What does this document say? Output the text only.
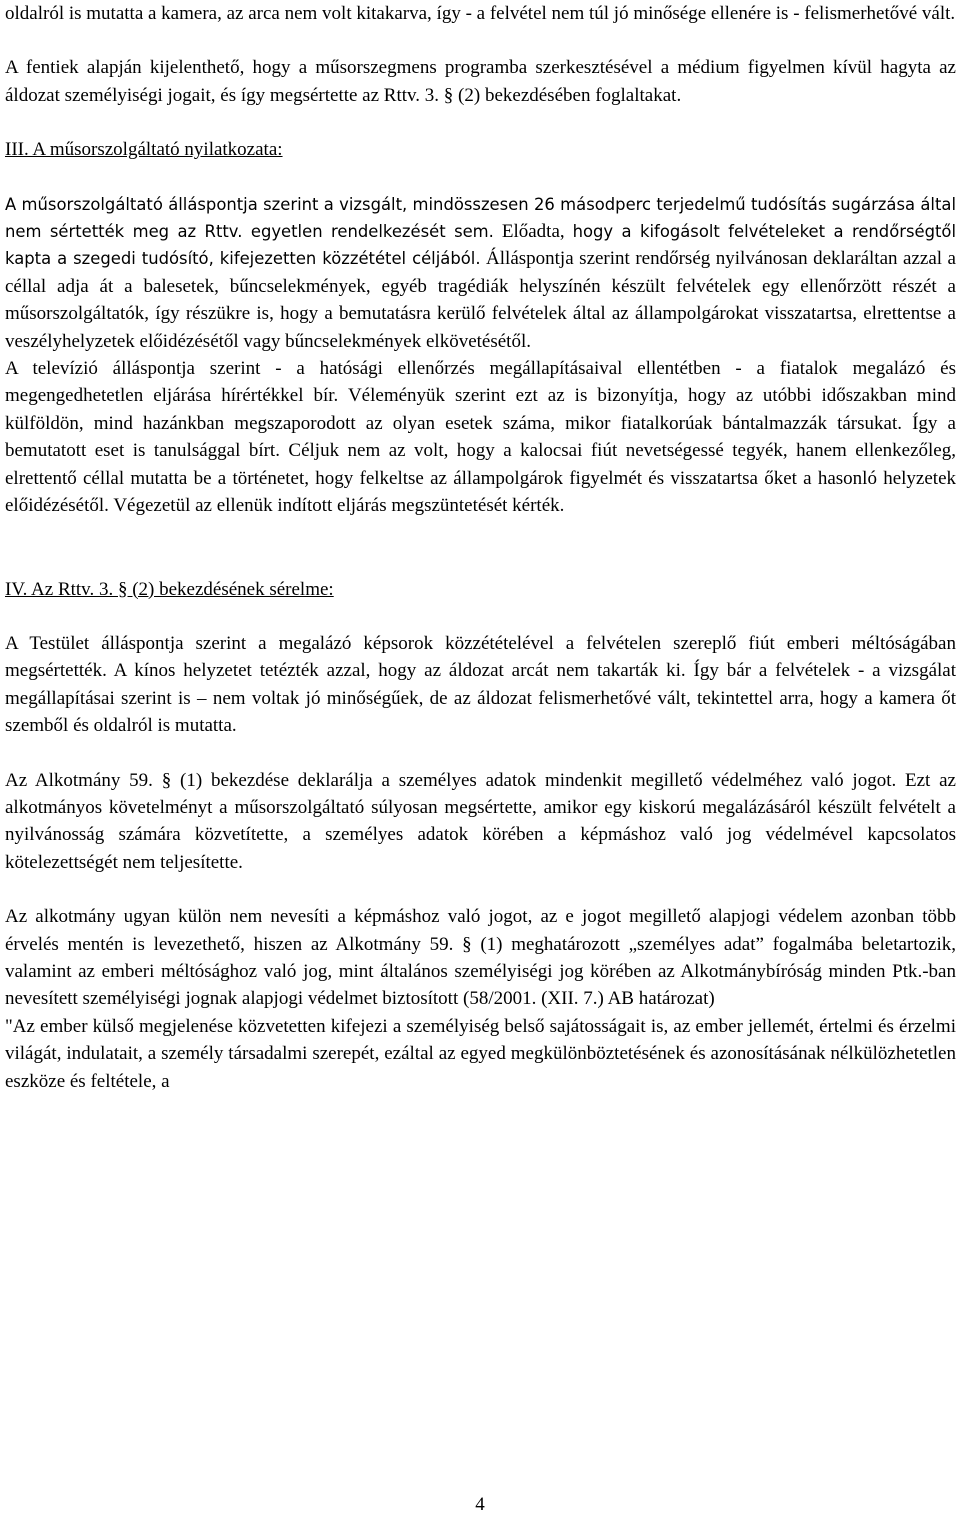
oldalról is mutatta a kamera, az arca nem volt kitakarva, így - a felvétel nem túl jó minősége ellenére is - felismerhetővé vált.

A fentiek alapján kijelenthető, hogy a műsorszegmens programba szerkesztésével a médium figyelmen kívül hagyta az áldozat személyiségi jogait, és így megsértette az Rttv. 3. § (2) bekezdésében foglaltakat.

III. A műsorszolgáltató nyilatkozata:

A műsorszolgáltató álláspontja szerint a vizsgált, mindösszesen 26 másodperc terjedelmű tudósítás sugárzása által nem sértették meg az Rttv. egyetlen rendelkezését sem. Előadta, hogy a kifogásolt felvételeket a rendőrségtől kapta a szegedi tudósító, kifejezetten közzététel céljából. Álláspontja szerint rendőrség nyilvánosan deklaráltan azzal a céllal adja át a balesetek, bűncselekmények, egyéb tragédiák helyszínén készült felvételek egy ellenőrzött részét a műsorszolgáltatók, így részükre is, hogy a bemutatásra kerülő felvételek által az állampolgárokat visszatartsa, elrettentse a veszélyhelyzetek előidézésétől vagy bűncselekmények elkövetésétől.

A televízió álláspontja szerint - a hatósági ellenőrzés megállapításaival ellentétben - a fiatalok megalázó és megengedhetetlen eljárása hírértékkel bír. Véleményük szerint ezt az is bizonyítja, hogy az utóbbi időszakban mind külföldön, mind hazánkban megszaporodott az olyan esetek száma, mikor fiatalkorúak bántalmazzák társukat. Így a bemutatott eset is tanulsággal bírt. Céljuk nem az volt, hogy a kalocsai fiút nevetségessé tegyék, hanem ellenkezőleg, elrettentő céllal mutatta be a történetet, hogy felkeltse az állampolgárok figyelmét és visszatartsa őket a hasonló helyzetek előidézésétől. Végezetül az ellenük indított eljárás megszüntetését kérték.

IV. Az Rttv. 3. § (2) bekezdésének sérelme:

A Testület álláspontja szerint a megalázó képsorok közzétételével a felvételen szereplő fiút emberi méltóságában megsértették. A kínos helyzetet tetézték azzal, hogy az áldozat arcát nem takarták ki. Így bár a felvételek - a vizsgálat megállapításai szerint is – nem voltak jó minőségűek, de az áldozat felismerhetővé vált, tekintettel arra, hogy a kamera őt szemből és oldalról is mutatta.

Az Alkotmány 59. § (1) bekezdése deklarálja a személyes adatok mindenkit megillető védelméhez való jogot. Ezt az alkotmányos követelményt a műsorszolgáltató súlyosan megsértette, amikor egy kiskorú megalázásáról készült felvételt a nyilvánosság számára közvetítette, a személyes adatok körében a képmáshoz való jog védelmével kapcsolatos kötelezettségét nem teljesítette.

Az alkotmány ugyan külön nem nevesíti a képmáshoz való jogot, az e jogot megillető alapjogi védelem azonban több érvelés mentén is levezethető, hiszen az Alkotmány 59. § (1) meghatározott „személyes adat” fogalmába beletartozik, valamint az emberi méltósághoz való jog, mint általános személyiségi jog körében az Alkotmánybíróság minden Ptk.-ban nevesített személyiségi jognak alapjogi védelmet biztosított (58/2001. (XII. 7.) AB határozat)

"Az ember külső megjelenése közvetetten kifejezi a személyiség belső sajátosságait is, az ember jellemét, értelmi és érzelmi világát, indulatait, a személy társadalmi szerepét, ezáltal az egyed megkülönböztetésének és azonosításának nélkülözhetetlen eszköze és feltétele, a

4
